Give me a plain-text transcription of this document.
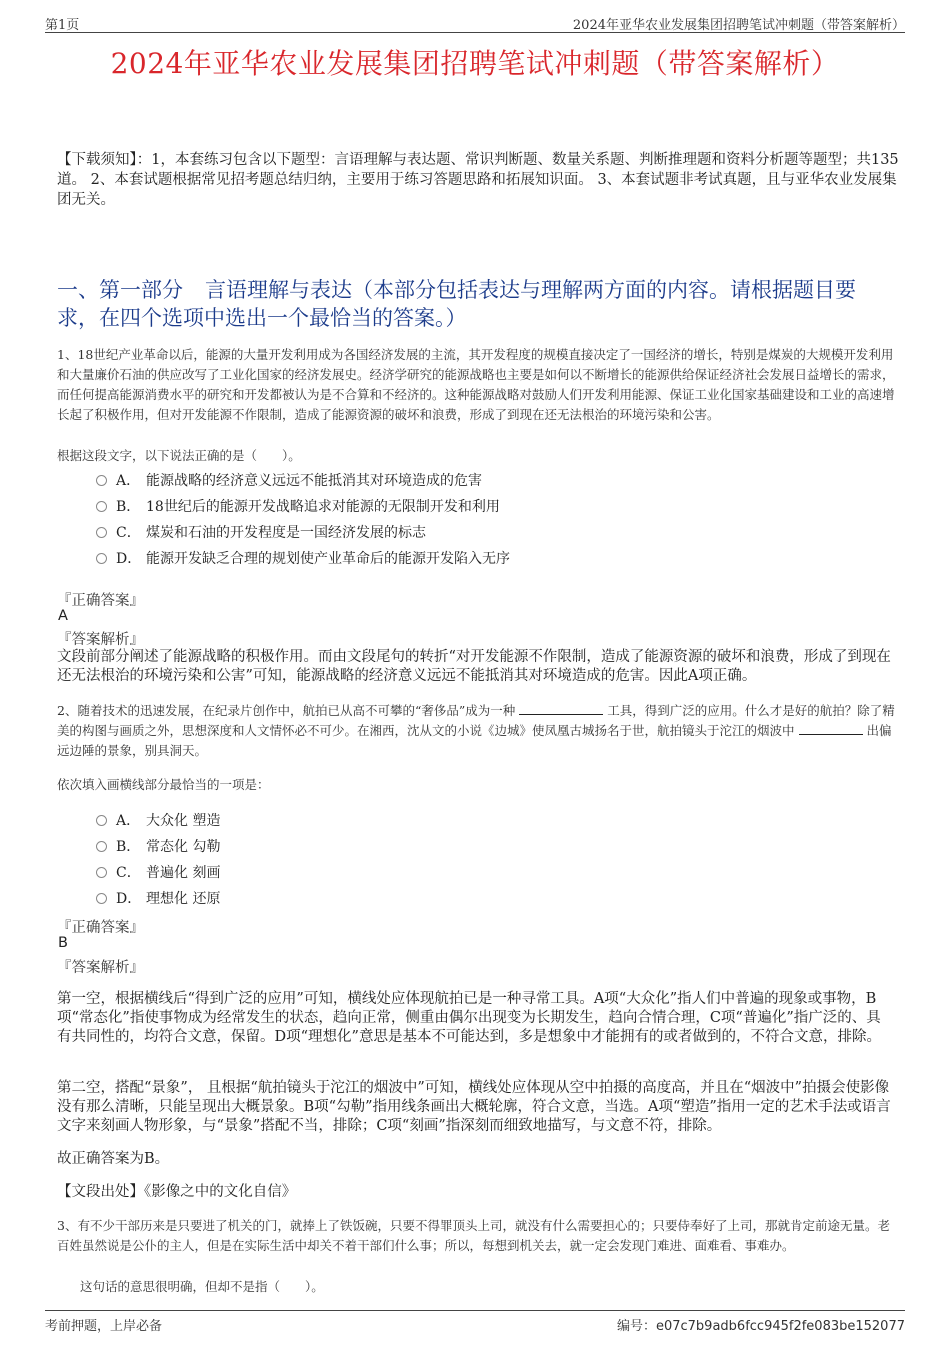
第1页	2024年亚华农业发展集团招聘笔试冲刺题（带答案解析）
2024年亚华农业发展集团招聘笔试冲刺题（带答案解析）
【下载须知】：1，本套练习包含以下题型：言语理解与表达题、常识判断题、数量关系题、判断推理题和资料分析题等题型；共135道。 2、本套试题根据常见招考题总结归纳，主要用于练习答题思路和拓展知识面。 3、本套试题非考试真题，且与亚华农业发展集团无关。
一、第一部分 言语理解与表达（本部分包括表达与理解两方面的内容。请根据题目要求，在四个选项中选出一个最恰当的答案。）
1、18世纪产业革命以后，能源的大量开发利用成为各国经济发展的主流，其开发程度的规模直接决定了一国经济的增长，特别是煤炭的大规模开发利用和大量廉价石油的供应改写了工业化国家的经济发展史。经济学研究的能源战略也主要是如何以不断增长的能源供给保证经济社会发展日益增长的需求，而任何提高能源消费水平的研究和开发都被认为是不合算和不经济的。这种能源战略对鼓励人们开发利用能源、保证工业化国家基础建设和工业的高速增长起了积极作用，但对开发能源不作限制，造成了能源资源的破坏和浪费，形成了到现在还无法根治的环境污染和公害。
根据这段文字，以下说法正确的是（　　）。
A． 能源战略的经济意义远远不能抵消其对环境造成的危害
B． 18世纪后的能源开发战略追求对能源的无限制开发和利用
C． 煤炭和石油的开发程度是一国经济发展的标志
D． 能源开发缺乏合理的规划使产业革命后的能源开发陷入无序
『正确答案』
A
『答案解析』
文段前部分阐述了能源战略的积极作用。而由文段尾句的转折“对开发能源不作限制，造成了能源资源的破坏和浪费，形成了到现在还无法根治的环境污染和公害”可知，能源战略的经济意义远远不能抵消其对环境造成的危害。因此A项正确。
2、随着技术的迅速发展，在纪录片创作中，航拍已从高不可攀的“奢侈品”成为一种	工具，得到广泛的应用。什么才是好的航拍？除了精美的构图与画质之外，思想深度和人文情怀必不可少。在湘西，沈从文的小说《边城》使凤凰古城扬名于世，航拍镜头于沱江的烟波中	出偏远边陲的景象，别具洞天。
依次填入画横线部分最恰当的一项是：
A． 大众化 塑造
B． 常态化 勾勒
C． 普遍化 刻画
D． 理想化 还原
『正确答案』
B
『答案解析』
第一空，根据横线后“得到广泛的应用”可知，横线处应体现航拍已是一种寻常工具。A项“大众化”指人们中普遍的现象或事物，B项“常态化”指使事物成为经常发生的状态，趋向正常，侧重由偶尔出现变为长期发生，趋向合情合理，C项“普遍化”指广泛的、具有共同性的，均符合文意，保留。D项“理想化”意思是基本不可能达到，多是想象中才能拥有的或者做到的，不符合文意，排除。
第二空，搭配“景象”， 且根据“航拍镜头于沱江的烟波中”可知，横线处应体现从空中拍摄的高度高，并且在“烟波中”拍摄会使影像没有那么清晰，只能呈现出大概景象。B项“勾勒”指用线条画出大概轮廓，符合文意，当选。A项“塑造”指用一定的艺术手法或语言文字来刻画人物形象，与“景象”搭配不当，排除；C项“刻画”指深刻而细致地描写，与文意不符，排除。
故正确答案为B。
【文段出处】《影像之中的文化自信》
3、有不少干部历来是只要进了机关的门，就捧上了铁饭碗，只要不得罪顶头上司，就没有什么需要担心的；只要侍奉好了上司，那就肯定前途无量。老百姓虽然说是公仆的主人，但是在实际生活中却关不着干部们什么事；所以，每想到机关去，就一定会发现门难进、面难看、事难办。
这句话的意思很明确，但却不是指（　　）。
考前押题，上岸必备	编号：e07c7b9adb6fcc945f2fe083be152077
